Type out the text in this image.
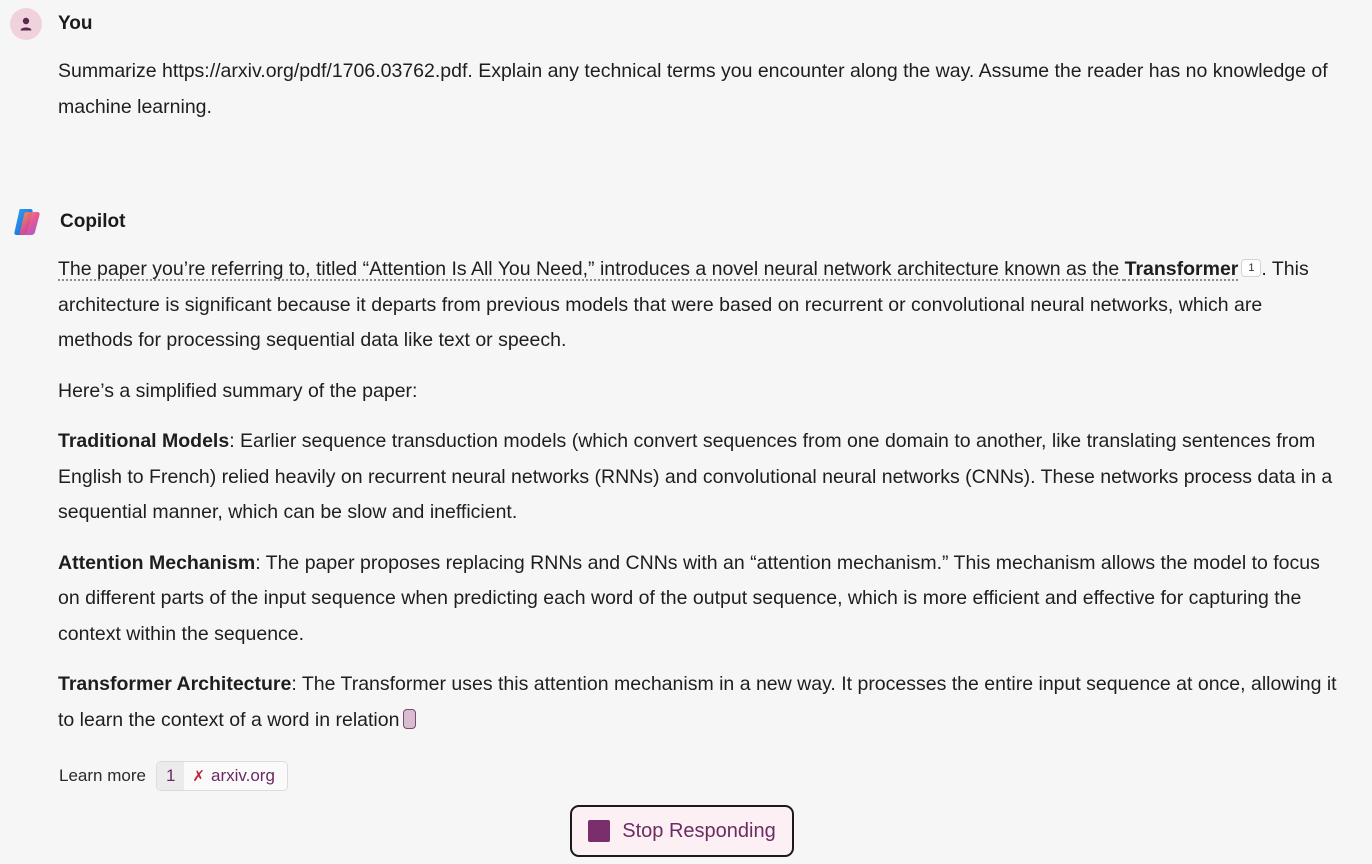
You

Summarize https://arxiv.org/pdf/1706.03762.pdf. Explain any technical terms you encounter along the way. Assume the reader has no knowledge of machine learning.

Copilot

The paper you’re referring to, titled “Attention Is All You Need,” introduces a novel neural network architecture known as the Transformer 1 . This architecture is significant because it departs from previous models that were based on recurrent or convolutional neural networks, which are methods for processing sequential data like text or speech.

Here’s a simplified summary of the paper:

Traditional Models: Earlier sequence transduction models (which convert sequences from one domain to another, like translating sentences from English to French) relied heavily on recurrent neural networks (RNNs) and convolutional neural networks (CNNs). These networks process data in a sequential manner, which can be slow and inefficient.

Attention Mechanism: The paper proposes replacing RNNs and CNNs with an “attention mechanism.” This mechanism allows the model to focus on different parts of the input sequence when predicting each word of the output sequence, which is more efficient and effective for capturing the context within the sequence.

Transformer Architecture: The Transformer uses this attention mechanism in a new way. It processes the entire input sequence at once, allowing it to learn the context of a word in relation

Learn more	1	✗ arxiv.org
Stop Responding
